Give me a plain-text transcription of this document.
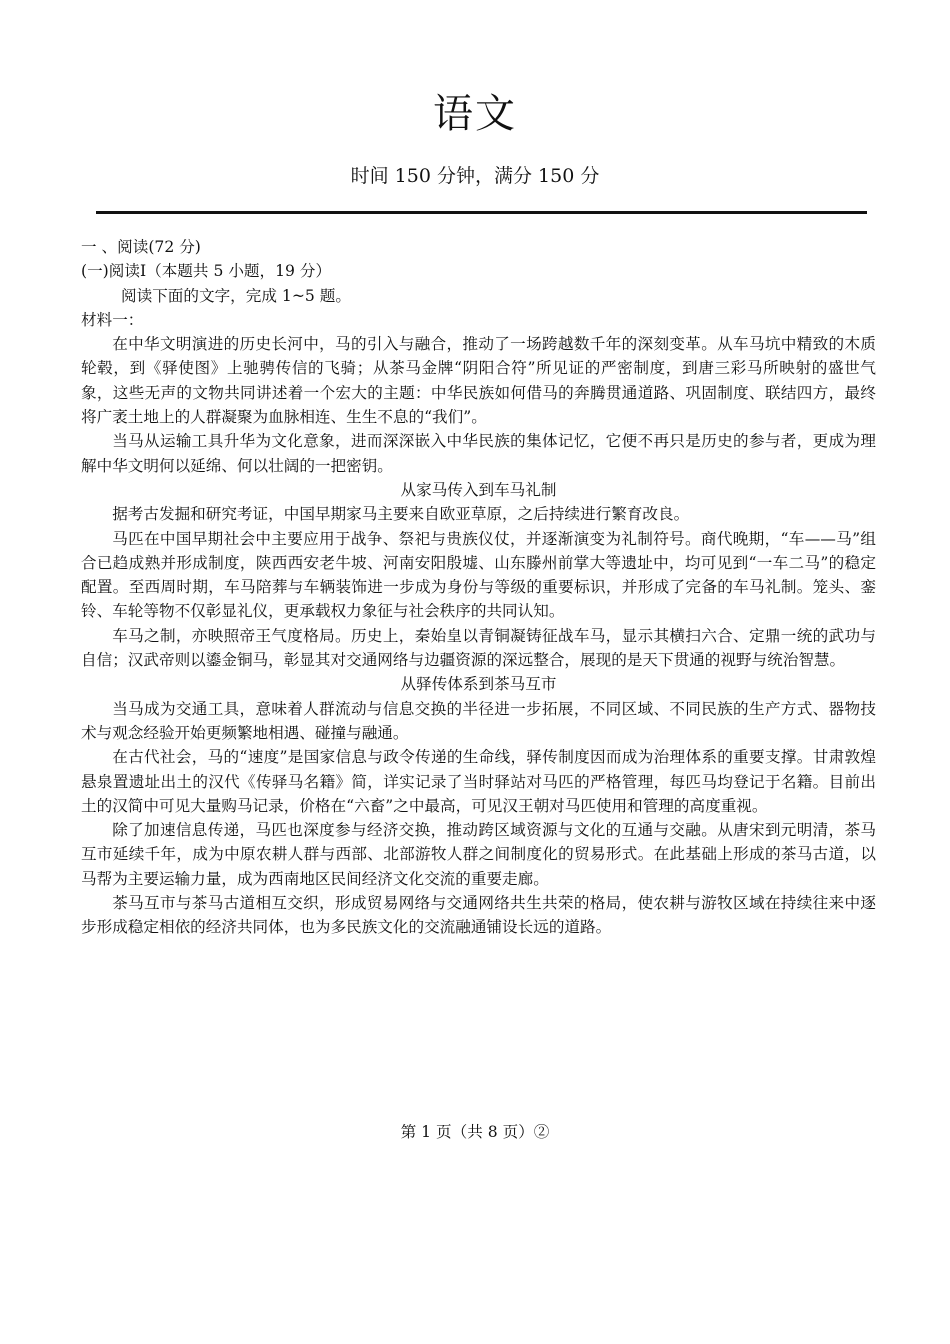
语文
时间 150 分钟，满分 150 分

一 、阅读(72 分)

(一)阅读Ⅰ（本题共 5 小题，19 分）

阅读下面的文字，完成 1~5 题。

材料一：

在中华文明演进的历史长河中，马的引入与融合，推动了一场跨越数千年的深刻变革。从车马坑中精致的木质轮毂，到《驿使图》上驰骋传信的飞骑；从茶马金牌“阴阳合符”所见证的严密制度，到唐三彩马所映射的盛世气象，这些无声的文物共同讲述着一个宏大的主题：中华民族如何借马的奔腾贯通道路、巩固制度、联结四方，最终将广袤土地上的人群凝聚为血脉相连、生生不息的“我们”。

当马从运输工具升华为文化意象，进而深深嵌入中华民族的集体记忆，它便不再只是历史的参与者，更成为理解中华文明何以延绵、何以壮阔的一把密钥。

从家马传入到车马礼制

据考古发掘和研究考证，中国早期家马主要来自欧亚草原，之后持续进行繁育改良。

马匹在中国早期社会中主要应用于战争、祭祀与贵族仪仗，并逐渐演变为礼制符号。商代晚期，“车——马”组合已趋成熟并形成制度，陕西西安老牛坡、河南安阳殷墟、山东滕州前掌大等遗址中，均可见到“一车二马”的稳定配置。至西周时期，车马陪葬与车辆装饰进一步成为身份与等级的重要标识，并形成了完备的车马礼制。笼头、銮铃、车轮等物不仅彰显礼仪，更承载权力象征与社会秩序的共同认知。

车马之制，亦映照帝王气度格局。历史上，秦始皇以青铜凝铸征战车马，显示其横扫六合、定鼎一统的武功与自信；汉武帝则以鎏金铜马，彰显其对交通网络与边疆资源的深远整合，展现的是天下贯通的视野与统治智慧。

从驿传体系到茶马互市

当马成为交通工具，意味着人群流动与信息交换的半径进一步拓展，不同区域、不同民族的生产方式、器物技术与观念经验开始更频繁地相遇、碰撞与融通。

在古代社会，马的“速度”是国家信息与政令传递的生命线，驿传制度因而成为治理体系的重要支撑。甘肃敦煌悬泉置遗址出土的汉代《传驿马名籍》简，详实记录了当时驿站对马匹的严格管理，每匹马均登记于名籍。目前出土的汉简中可见大量购马记录，价格在“六畜”之中最高，可见汉王朝对马匹使用和管理的高度重视。

除了加速信息传递，马匹也深度参与经济交换，推动跨区域资源与文化的互通与交融。从唐宋到元明清，茶马互市延续千年，成为中原农耕人群与西部、北部游牧人群之间制度化的贸易形式。在此基础上形成的茶马古道，以马帮为主要运输力量，成为西南地区民间经济文化交流的重要走廊。

茶马互市与茶马古道相互交织，形成贸易网络与交通网络共生共荣的格局，使农耕与游牧区域在持续往来中逐步形成稳定相依的经济共同体，也为多民族文化的交流融通铺设长远的道路。

第 1 页（共 8 页）②
